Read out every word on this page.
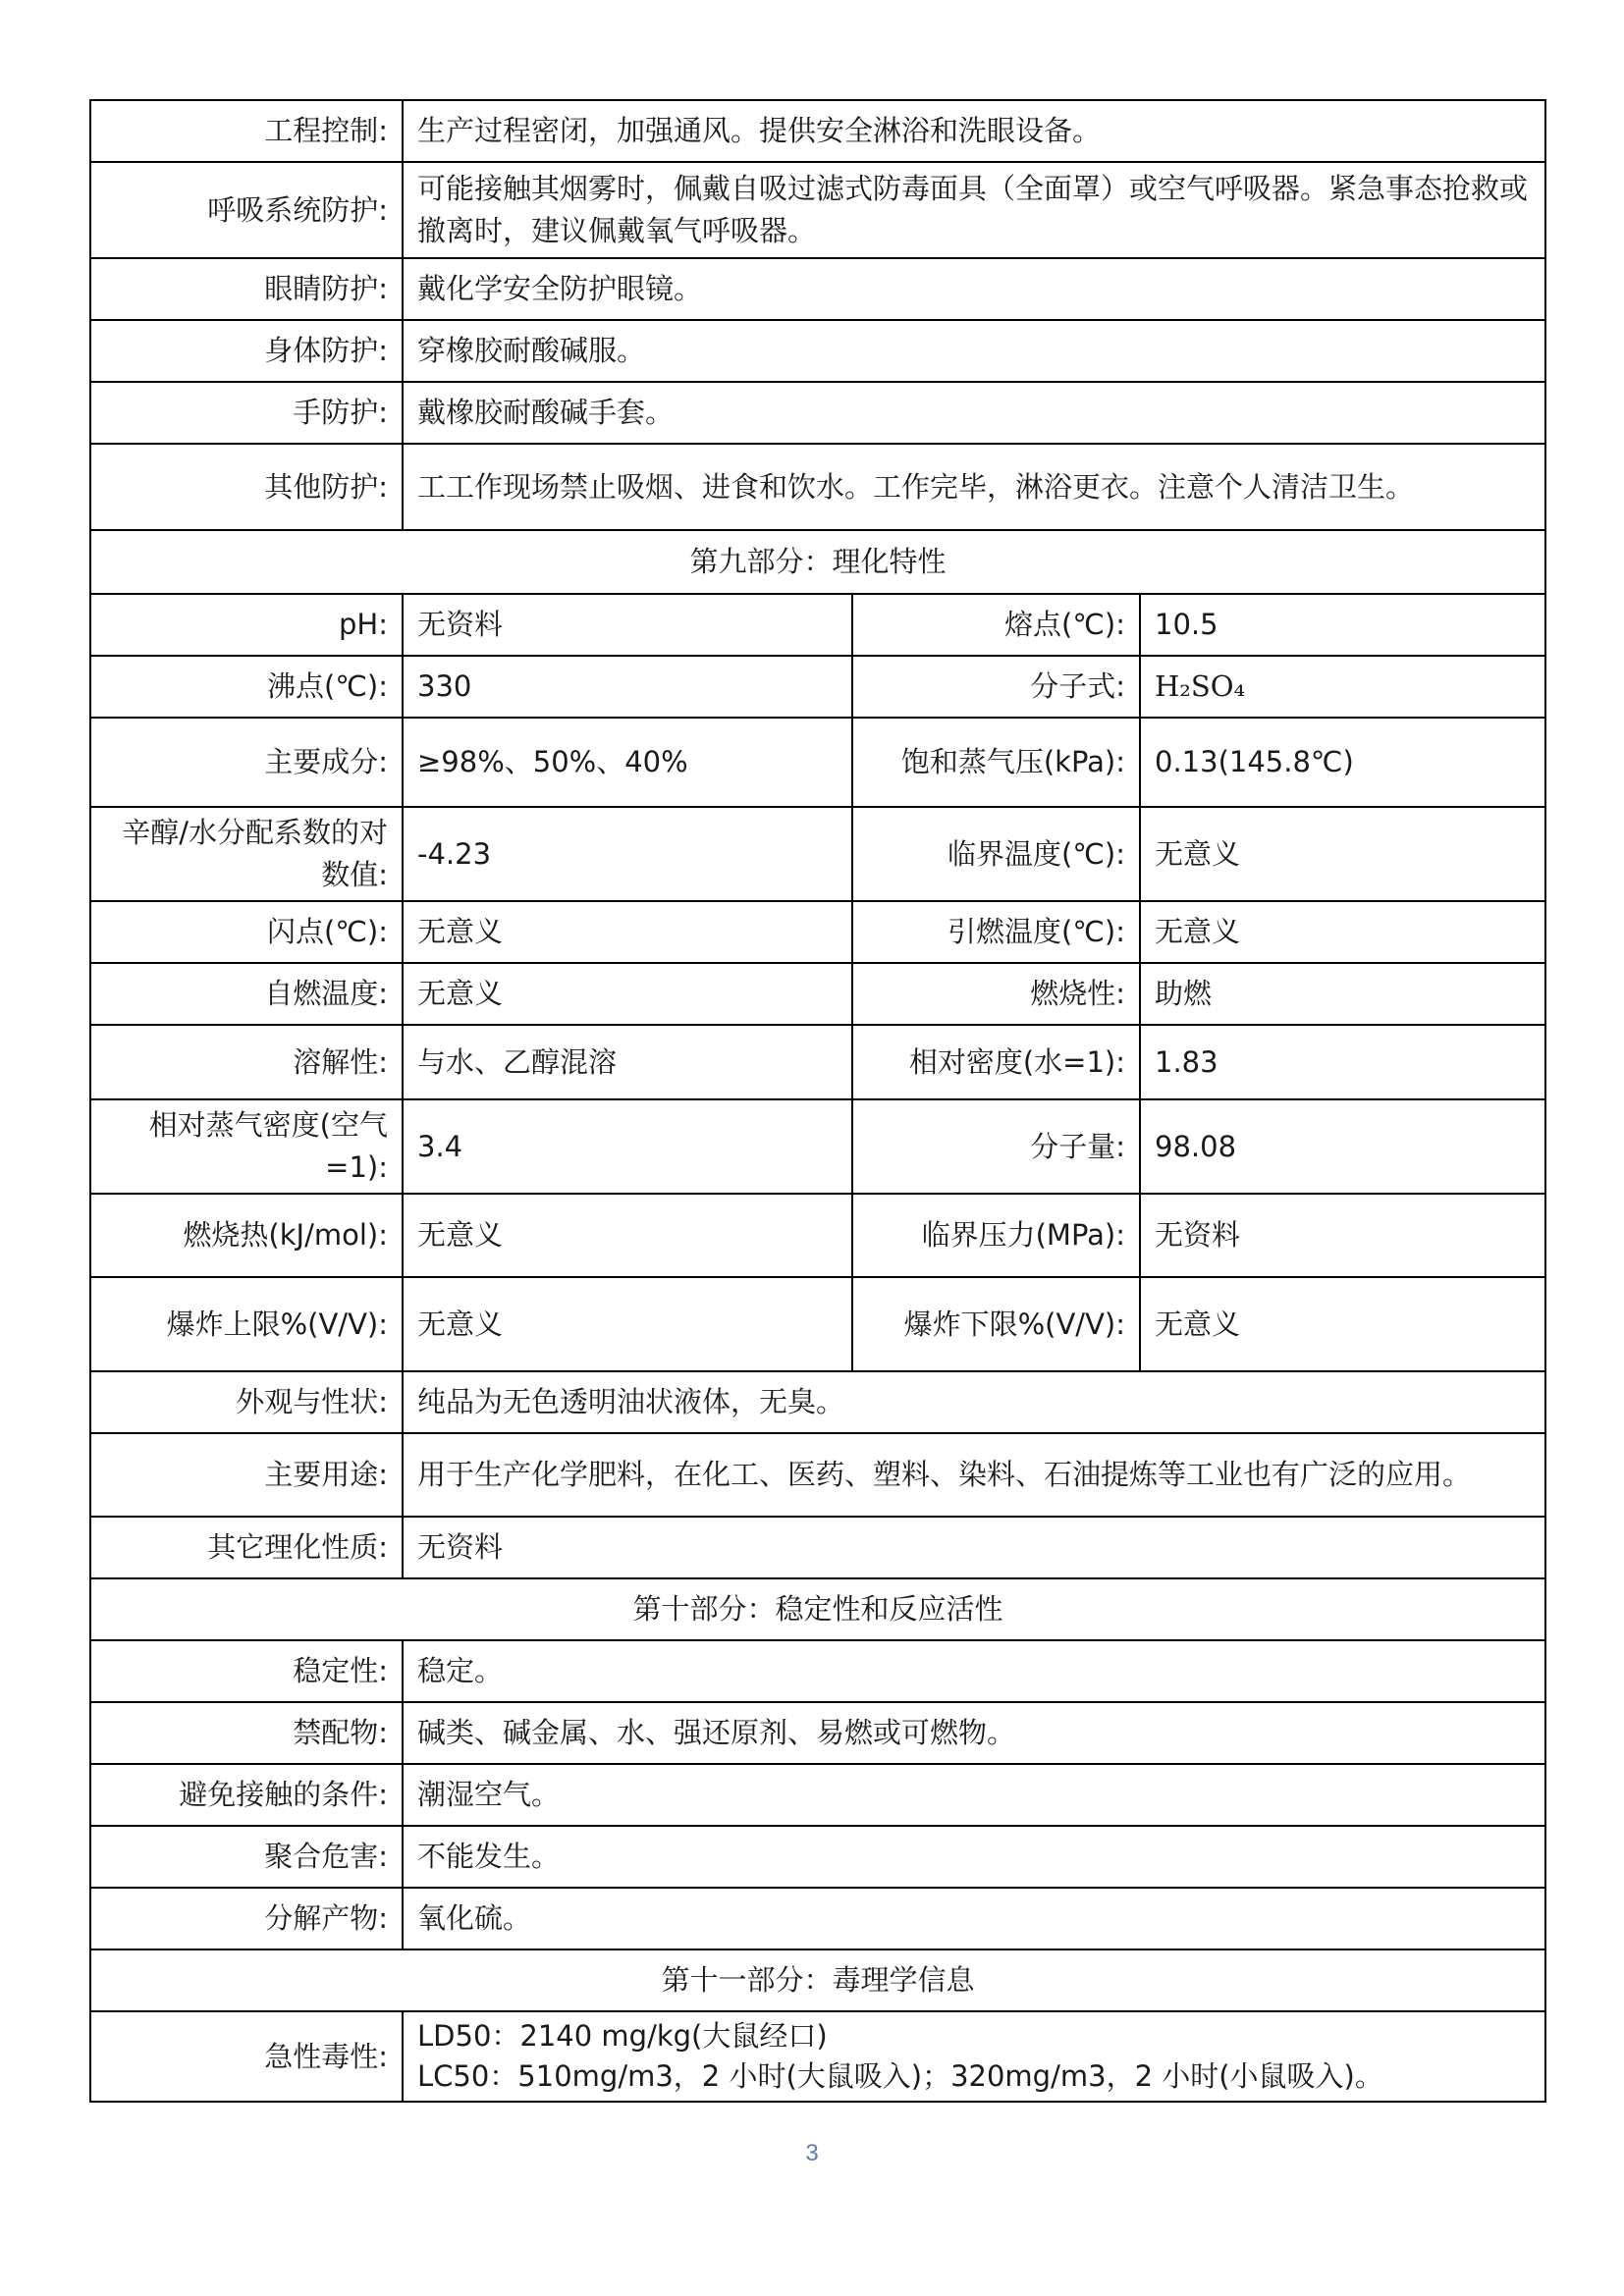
工程控制:	生产过程密闭，加强通风。提供安全淋浴和洗眼设备。		
呼吸系统防护:	可能接触其烟雾时，佩戴自吸过滤式防毒面具（全面罩）或空气呼吸器。紧急事态抢救或撤离时，建议佩戴氧气呼吸器。		
眼睛防护:	戴化学安全防护眼镜。		
身体防护:	穿橡胶耐酸碱服。		
手防护:	戴橡胶耐酸碱手套。		
其他防护:	工工作现场禁止吸烟、进食和饮水。工作完毕，淋浴更衣。注意个人清洁卫生。		
第九部分：理化特性			
pH:	无资料	熔点(℃):	10.5
沸点(℃):	330	分子式:	H₂SO₄
主要成分:	≥98%、50%、40%	饱和蒸气压(kPa):	0.13(145.8℃)
辛醇/水分配系数的对数值:	-4.23	临界温度(℃):	无意义
闪点(℃):	无意义	引燃温度(℃):	无意义
自燃温度:	无意义	燃烧性:	助燃
溶解性:	与水、乙醇混溶	相对密度(水=1):	1.83
相对蒸气密度(空气=1):	3.4	分子量:	98.08
燃烧热(kJ/mol):	无意义	临界压力(MPa):	无资料
爆炸上限%(V/V):	无意义	爆炸下限%(V/V):	无意义
外观与性状:	纯品为无色透明油状液体，无臭。		
主要用途:	用于生产化学肥料，在化工、医药、塑料、染料、石油提炼等工业也有广泛的应用。		
其它理化性质:	无资料		
第十部分：稳定性和反应活性			
稳定性:	稳定。		
禁配物:	碱类、碱金属、水、强还原剂、易燃或可燃物。		
避免接触的条件:	潮湿空气。		
聚合危害:	不能发生。		
分解产物:	氧化硫。		
第十一部分：毒理学信息			
急性毒性:	LD50：2140 mg/kg(大鼠经口)
LC50：510mg/m3，2 小时(大鼠吸入)；320mg/m3，2 小时(小鼠吸入)。		
3
